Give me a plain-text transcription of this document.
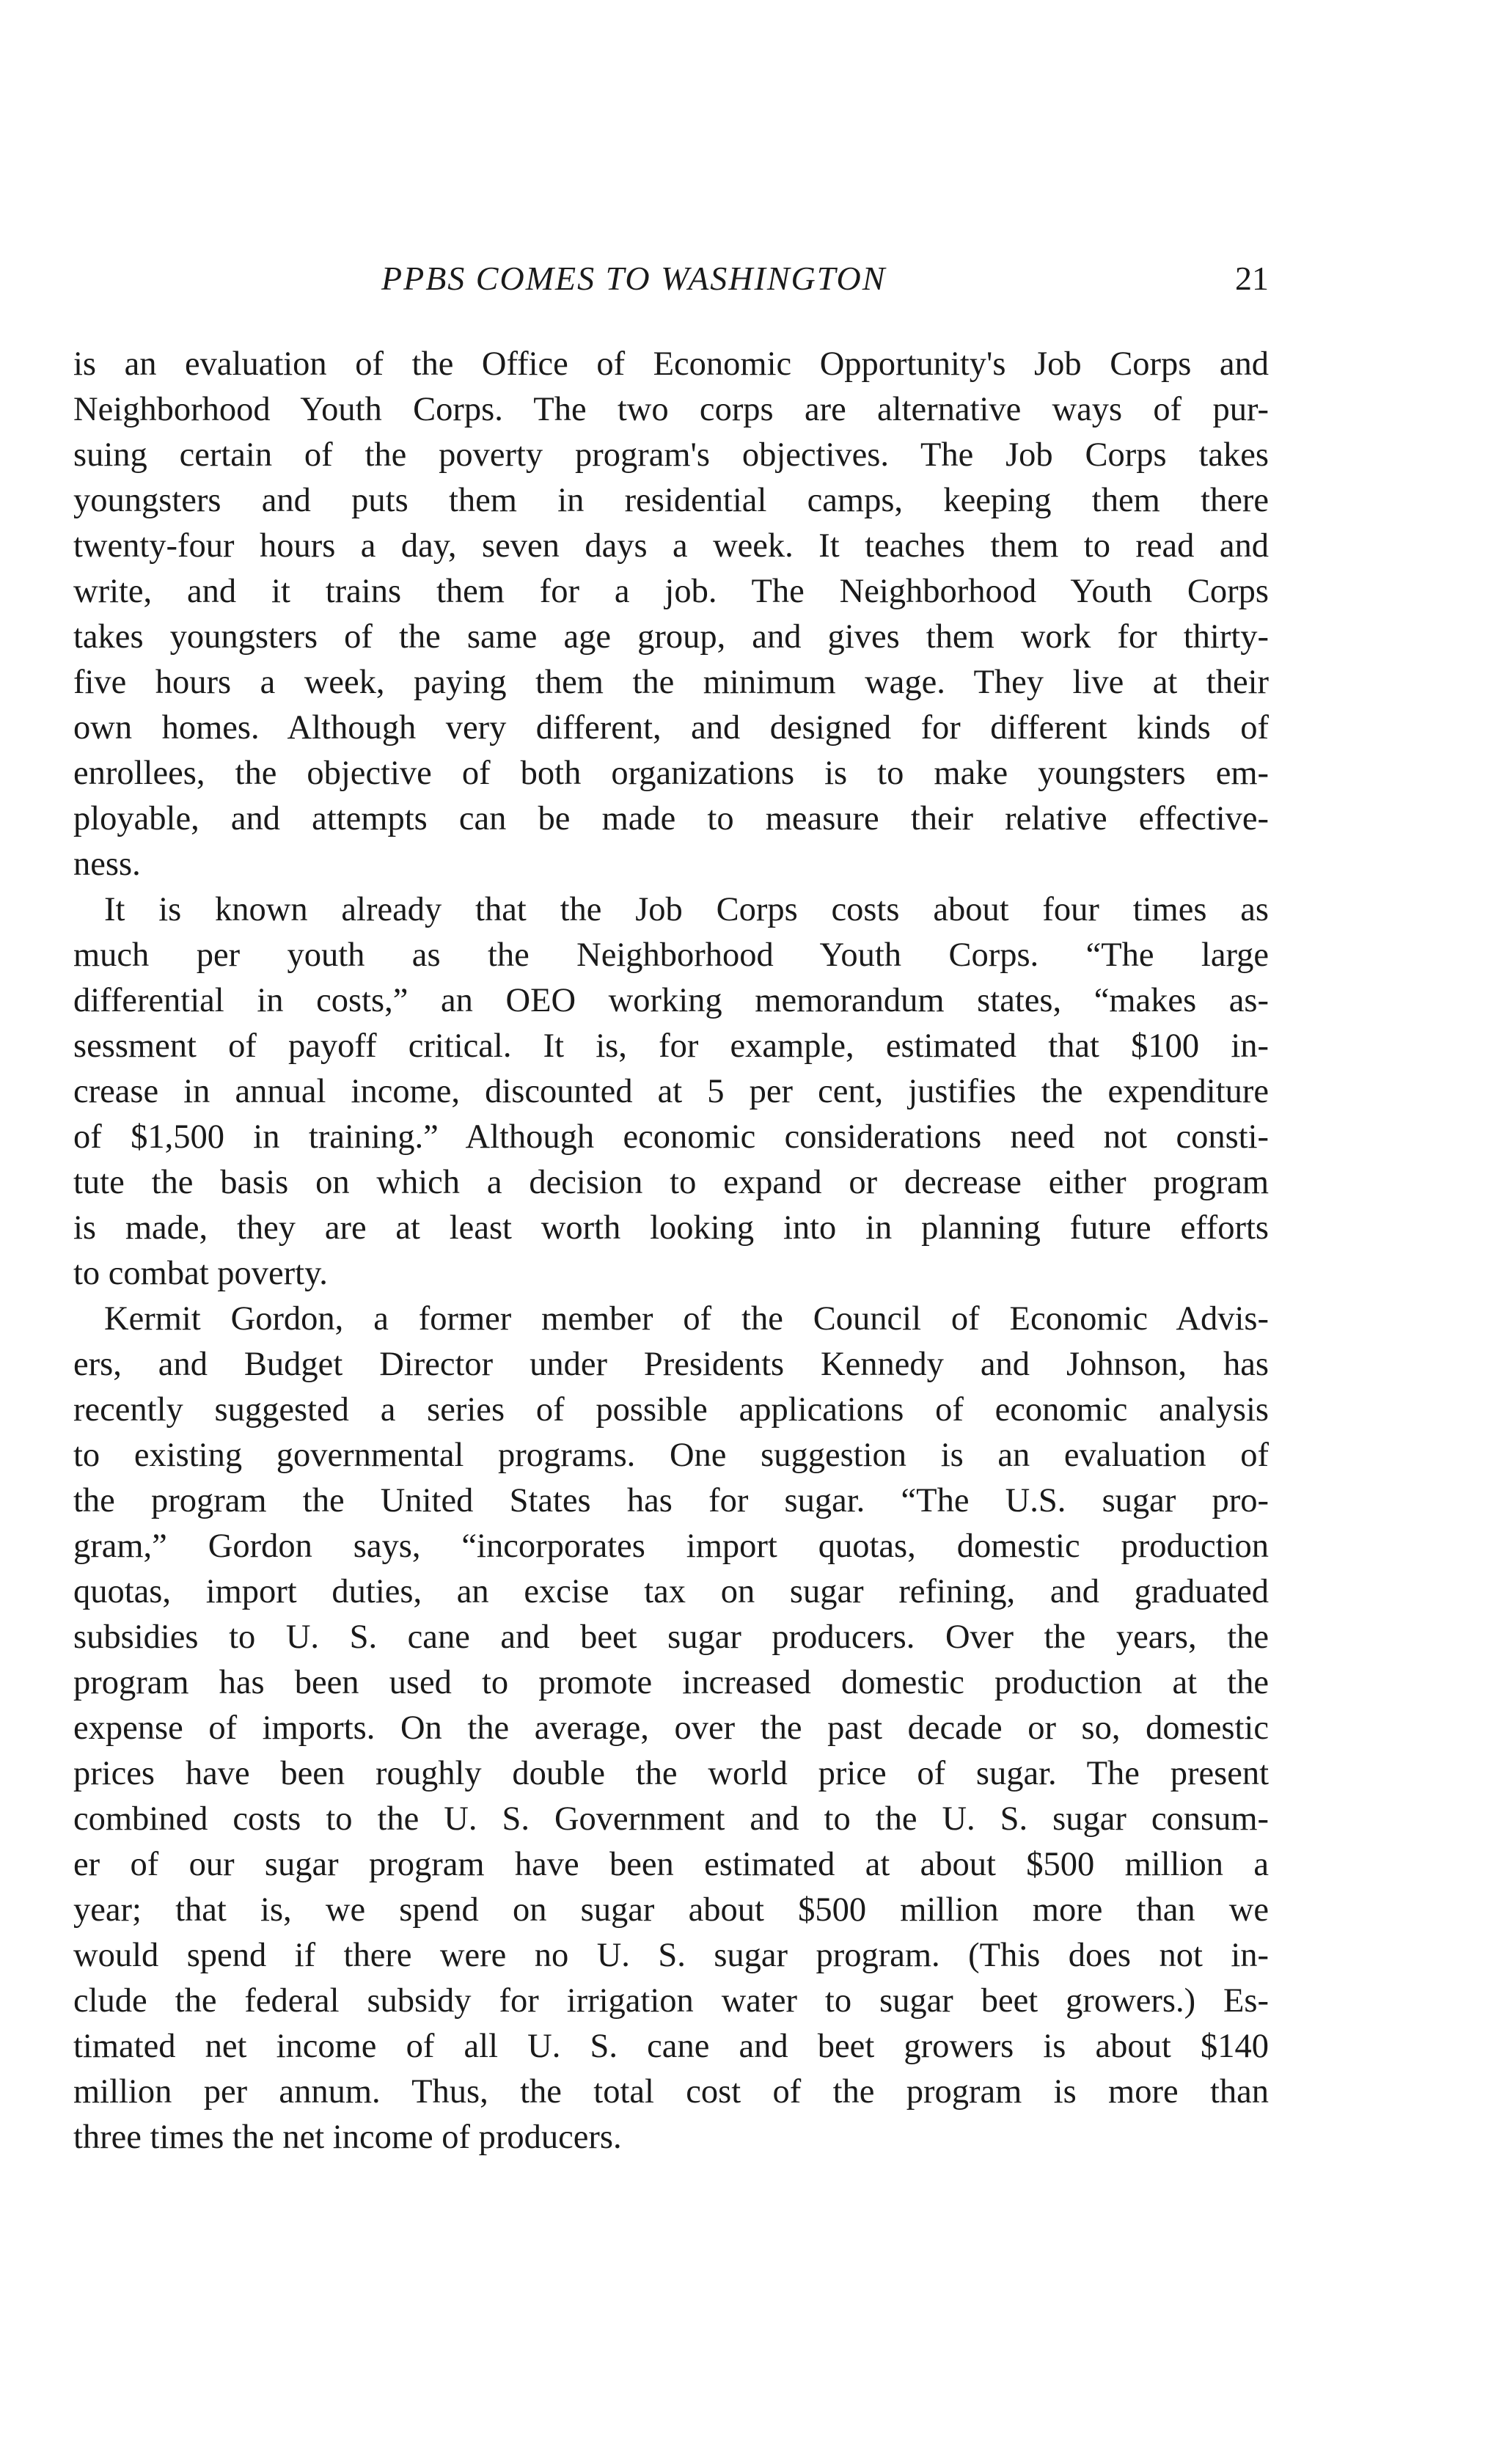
PPBS COMES TO WASHINGTON	21
is an evaluation of the Office of Economic Opportunity's Job Corps and
Neighborhood Youth Corps. The two corps are alternative ways of pur-
suing certain of the poverty program's objectives. The Job Corps takes
youngsters and puts them in residential camps, keeping them there
twenty-four hours a day, seven days a week. It teaches them to read and
write, and it trains them for a job. The Neighborhood Youth Corps
takes youngsters of the same age group, and gives them work for thirty-
five hours a week, paying them the minimum wage. They live at their
own homes. Although very different, and designed for different kinds of
enrollees, the objective of both organizations is to make youngsters em-
ployable, and attempts can be made to measure their relative effective-
ness.
It is known already that the Job Corps costs about four times as
much per youth as the Neighborhood Youth Corps. “The large
differential in costs,” an OEO working memorandum states, “makes as-
sessment of payoff critical. It is, for example, estimated that $100 in-
crease in annual income, discounted at 5 per cent, justifies the expenditure
of $1,500 in training.” Although economic considerations need not consti-
tute the basis on which a decision to expand or decrease either program
is made, they are at least worth looking into in planning future efforts
to combat poverty.
Kermit Gordon, a former member of the Council of Economic Advis-
ers, and Budget Director under Presidents Kennedy and Johnson, has
recently suggested a series of possible applications of economic analysis
to existing governmental programs. One suggestion is an evaluation of
the program the United States has for sugar. “The U.S. sugar pro-
gram,” Gordon says, “incorporates import quotas, domestic production
quotas, import duties, an excise tax on sugar refining, and graduated
subsidies to U. S. cane and beet sugar producers. Over the years, the
program has been used to promote increased domestic production at the
expense of imports. On the average, over the past decade or so, domestic
prices have been roughly double the world price of sugar. The present
combined costs to the U. S. Government and to the U. S. sugar consum-
er of our sugar program have been estimated at about $500 million a
year; that is, we spend on sugar about $500 million more than we
would spend if there were no U. S. sugar program. (This does not in-
clude the federal subsidy for irrigation water to sugar beet growers.) Es-
timated net income of all U. S. cane and beet growers is about $140
million per annum. Thus, the total cost of the program is more than
three times the net income of producers.
